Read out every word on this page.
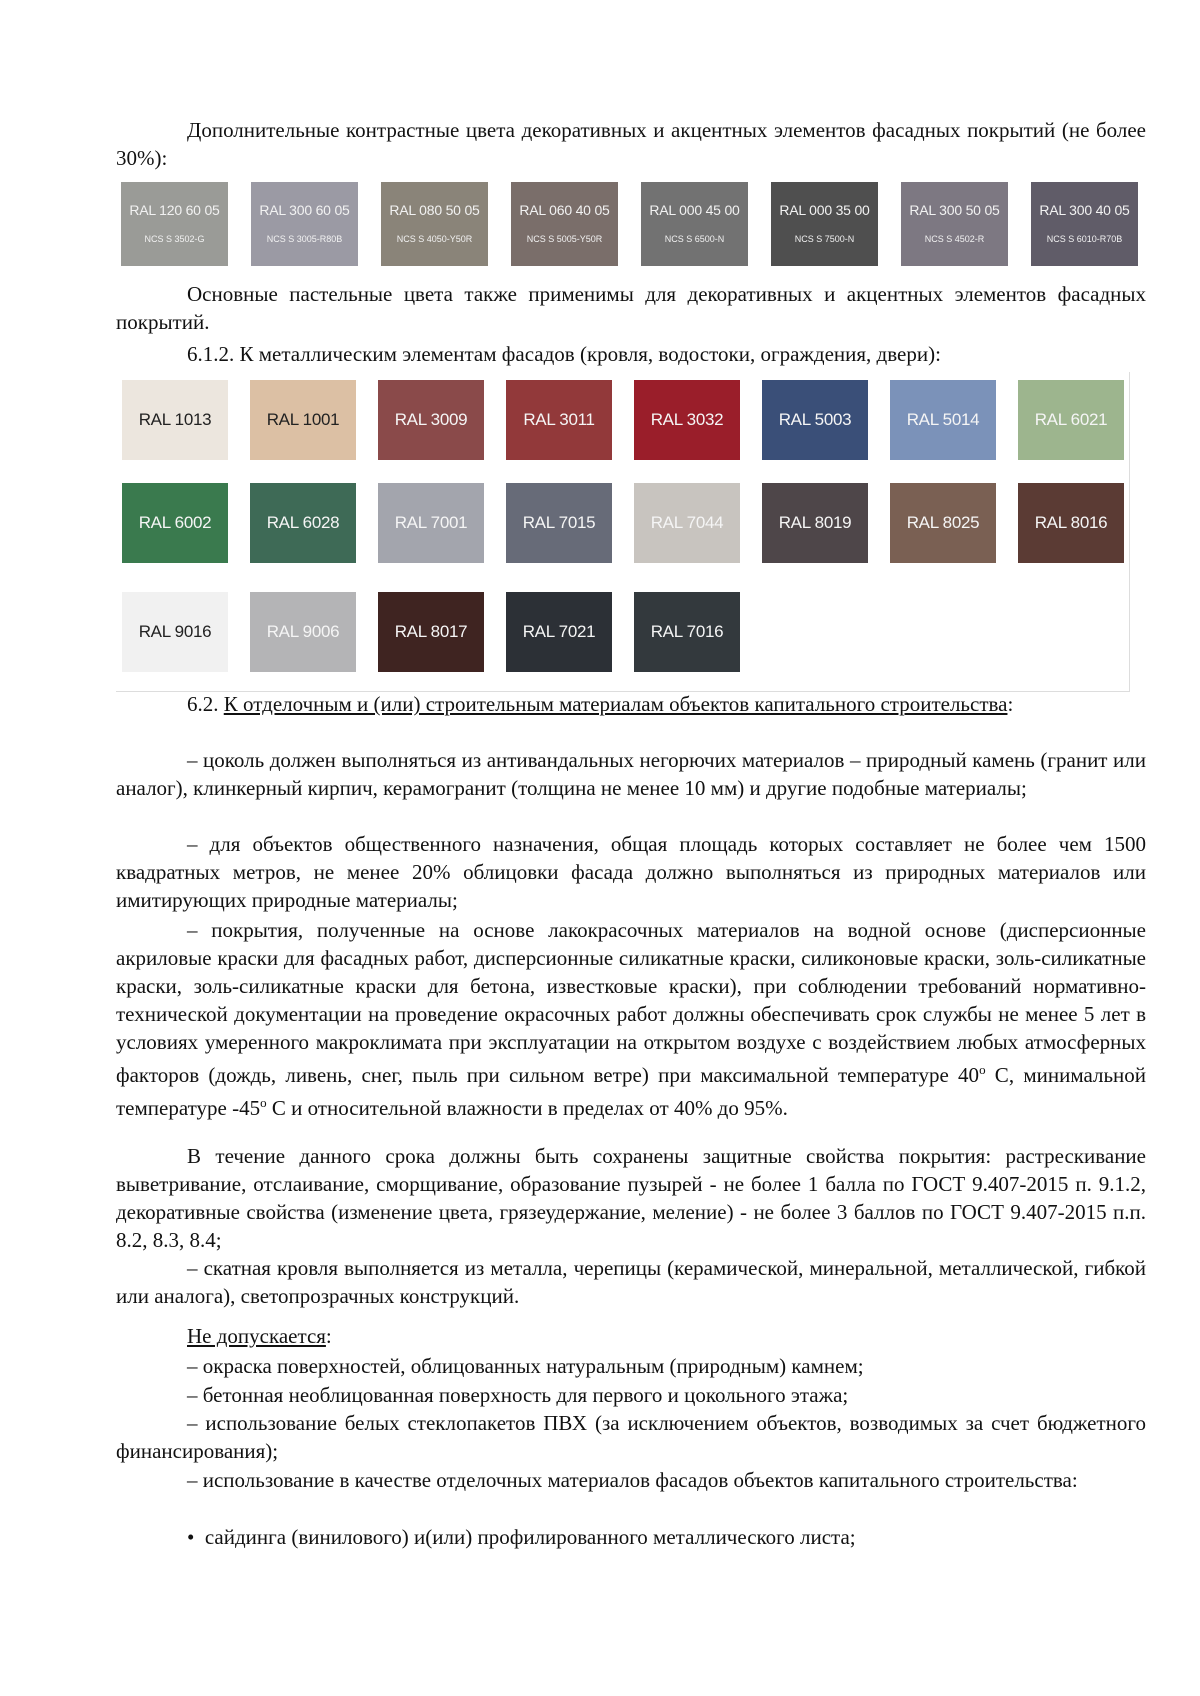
Дополнительные контрастные цвета декоративных и акцентных элементов фасадных покрытий (не более 30%):

RAL 120 60 05
NCS S 3502-G
RAL 300 60 05
NCS S 3005-R80B
RAL 080 50 05
NCS S 4050-Y50R
RAL 060 40 05
NCS S 5005-Y50R
RAL 000 45 00
NCS S 6500-N
RAL 000 35 00
NCS S 7500-N
RAL 300 50 05
NCS S 4502-R
RAL 300 40 05
NCS S 6010-R70B

Основные пастельные цвета также применимы для декоративных и акцентных элементов фасадных покрытий.

6.1.2. К металлическим элементам фасадов (кровля, водостоки, ограждения, двери):

RAL 1013	RAL 1001	RAL 3009	RAL 3011	RAL 3032	RAL 5003	RAL 5014	RAL 6021
RAL 6002	RAL 6028	RAL 7001	RAL 7015	RAL 7044	RAL 8019	RAL 8025	RAL 8016
RAL 9016	RAL 9006	RAL 8017	RAL 7021	RAL 7016

6.2. К отделочным и (или) строительным материалам объектов капитального строительства:

– цоколь должен выполняться из антивандальных негорючих материалов – природный камень (гранит или аналог), клинкерный кирпич, керамогранит (толщина не менее 10 мм) и другие подобные материалы;

– для объектов общественного назначения, общая площадь которых составляет не более чем 1500 квадратных метров, не менее 20% облицовки фасада должно выполняться из природных материалов или имитирующих природные материалы;

– покрытия, полученные на основе лакокрасочных материалов на водной основе (дисперсионные акриловые краски для фасадных работ, дисперсионные силикатные краски, силиконовые краски, золь-силикатные краски, золь-силикатные краски для бетона, известковые краски), при соблюдении требований нормативно-технической документации на проведение окрасочных работ должны обеспечивать срок службы не менее 5 лет в условиях умеренного макроклимата при эксплуатации на открытом воздухе с воздействием любых атмосферных факторов (дождь, ливень, снег, пыль при сильном ветре) при максимальной температуре $40^о$ С, минимальной температуре $-45^о$ С и относительной влажности в пределах от 40% до 95%.

В течение данного срока должны быть сохранены защитные свойства покрытия: растрескивание выветривание, отслаивание, сморщивание, образование пузырей - не более 1 балла по ГОСТ 9.407-2015 п. 9.1.2, декоративные свойства (изменение цвета, грязеудержание, меление) - не более 3 баллов по ГОСТ 9.407-2015 п.п. 8.2, 8.3, 8.4;

– скатная кровля выполняется из металла, черепицы (керамической, минеральной, металлической, гибкой или аналога), светопрозрачных конструкций.

Не допускается:

– окраска поверхностей, облицованных натуральным (природным) камнем;

– бетонная необлицованная поверхность для первого и цокольного этажа;

– использование белых стеклопакетов ПВХ (за исключением объектов, возводимых за счет бюджетного финансирования);

– использование в качестве отделочных материалов фасадов объектов капитального строительства:

• сайдинга (винилового) и(или) профилированного металлического листа;
